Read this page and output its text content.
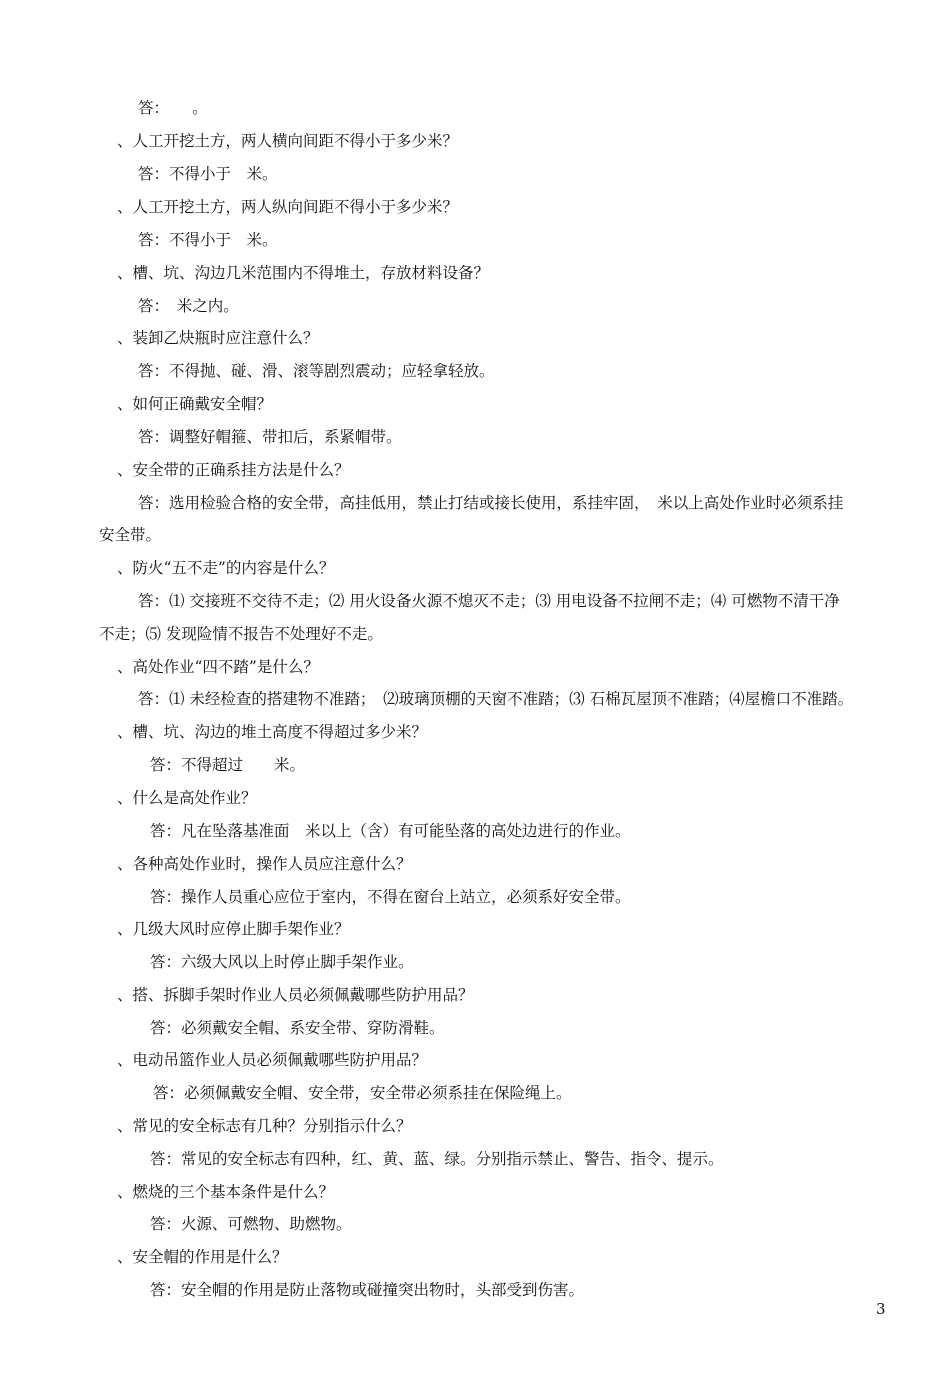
答：　　。
、人工开挖土方，两人横向间距不得小于多少米？
答：不得小于　米。
、人工开挖土方，两人纵向间距不得小于多少米？
答：不得小于　米。
、槽、坑、沟边几米范围内不得堆土，存放材料设备？
答：　米之内。
、装卸乙炔瓶时应注意什么？
答：不得抛、碰、滑、滚等剧烈震动；应轻拿轻放。
、如何正确戴安全帽？
答：调整好帽箍、带扣后，系紧帽带。
、安全带的正确系挂方法是什么？
答：选用检验合格的安全带，高挂低用，禁止打结或接长使用，系挂牢固，　米以上高处作业时必须系挂
安全带。
、防火“五不走”的内容是什么？
答：⑴ 交接班不交待不走；⑵ 用火设备火源不熄灭不走；⑶ 用电设备不拉闸不走；⑷ 可燃物不清干净
不走；⑸ 发现险情不报告不处理好不走。
、高处作业“四不踏”是什么？
答：⑴ 未经检查的搭建物不准踏；　⑵玻璃顶棚的天窗不准踏；⑶ 石棉瓦屋顶不准踏；⑷屋檐口不准踏。
、槽、坑、沟边的堆土高度不得超过多少米？
答：不得超过　　米。
、什么是高处作业？
答：凡在坠落基准面　米以上（含）有可能坠落的高处边进行的作业。
、各种高处作业时，操作人员应注意什么？
答：操作人员重心应位于室内，不得在窗台上站立，必须系好安全带。
、几级大风时应停止脚手架作业？
答：六级大风以上时停止脚手架作业。
、搭、拆脚手架时作业人员必须佩戴哪些防护用品？
答：必须戴安全帽、系安全带、穿防滑鞋。
、电动吊篮作业人员必须佩戴哪些防护用品？
答：必须佩戴安全帽、安全带，安全带必须系挂在保险绳上。
、常见的安全标志有几种？分别指示什么？
答：常见的安全标志有四种，红、黄、蓝、绿。分别指示禁止、警告、指令、提示。
、燃烧的三个基本条件是什么？
答：火源、可燃物、助燃物。
、安全帽的作用是什么？
答：安全帽的作用是防止落物或碰撞突出物时，头部受到伤害。
3
